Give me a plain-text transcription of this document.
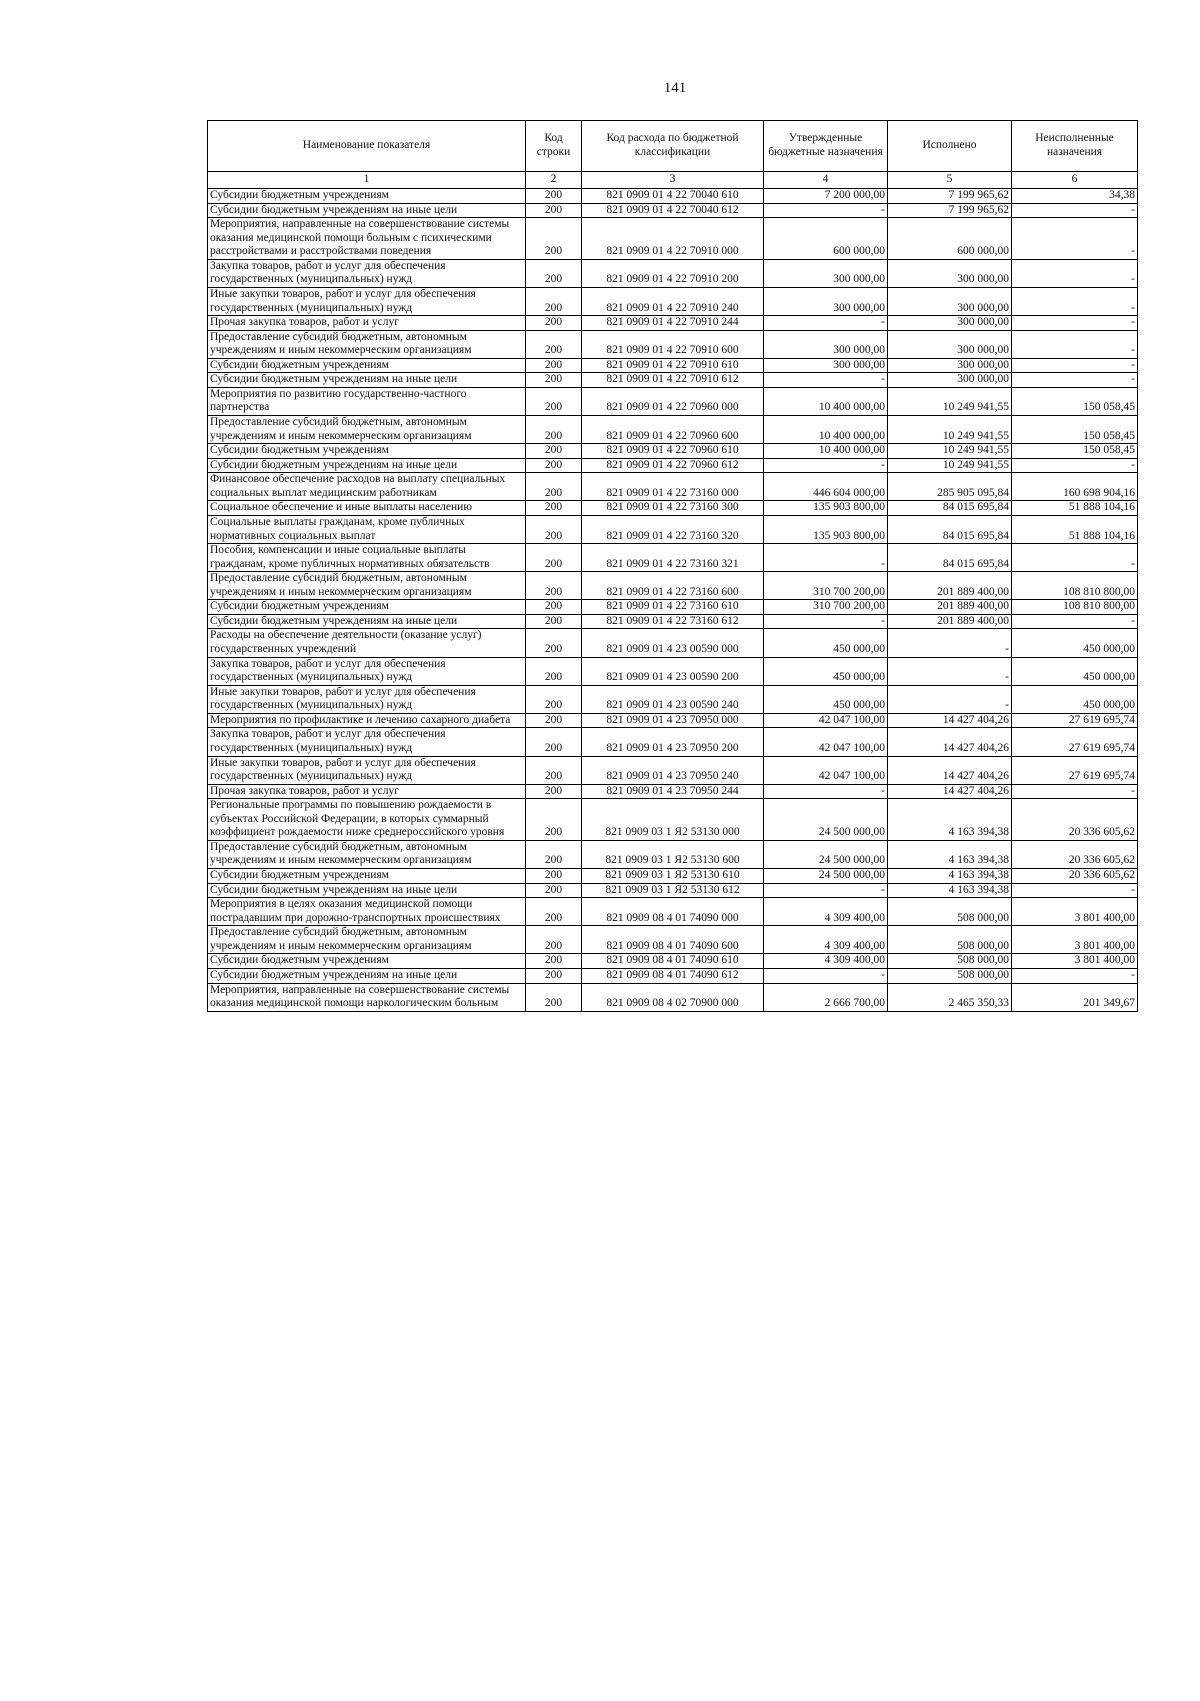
141
Наименование показателя	Код строки	Код расхода по бюджетной классификации	Утвержденные бюджетные назначения	Исполнено	Неисполненные назначения
1	2	3	4	5	6
Субсидии бюджетным учреждениям	200	821 0909 01 4 22 70040 610	7 200 000,00	7 199 965,62	34,38
Субсидии бюджетным учреждениям на иные цели	200	821 0909 01 4 22 70040 612	-	7 199 965,62	-
Мероприятия, направленные на совершенствование системы оказания медицинской помощи больным с психическими расстройствами и расстройствами поведения	200	821 0909 01 4 22 70910 000	600 000,00	600 000,00	-
Закупка товаров, работ и услуг для обеспечения государственных (муниципальных) нужд	200	821 0909 01 4 22 70910 200	300 000,00	300 000,00	-
Иные закупки товаров, работ и услуг для обеспечения государственных (муниципальных) нужд	200	821 0909 01 4 22 70910 240	300 000,00	300 000,00	-
Прочая закупка товаров, работ и услуг	200	821 0909 01 4 22 70910 244	-	300 000,00	-
Предоставление субсидий бюджетным, автономным учреждениям и иным некоммерческим организациям	200	821 0909 01 4 22 70910 600	300 000,00	300 000,00	-
Субсидии бюджетным учреждениям	200	821 0909 01 4 22 70910 610	300 000,00	300 000,00	-
Субсидии бюджетным учреждениям на иные цели	200	821 0909 01 4 22 70910 612	-	300 000,00	-
Мероприятия по развитию государственно-частного партнерства	200	821 0909 01 4 22 70960 000	10 400 000,00	10 249 941,55	150 058,45
Предоставление субсидий бюджетным, автономным учреждениям и иным некоммерческим организациям	200	821 0909 01 4 22 70960 600	10 400 000,00	10 249 941,55	150 058,45
Субсидии бюджетным учреждениям	200	821 0909 01 4 22 70960 610	10 400 000,00	10 249 941,55	150 058,45
Субсидии бюджетным учреждениям на иные цели	200	821 0909 01 4 22 70960 612	-	10 249 941,55	-
Финансовое обеспечение расходов на выплату специальных социальных выплат медицинским работникам	200	821 0909 01 4 22 73160 000	446 604 000,00	285 905 095,84	160 698 904,16
Социальное обеспечение и иные выплаты населению	200	821 0909 01 4 22 73160 300	135 903 800,00	84 015 695,84	51 888 104,16
Социальные выплаты гражданам, кроме публичных нормативных социальных выплат	200	821 0909 01 4 22 73160 320	135 903 800,00	84 015 695,84	51 888 104,16
Пособия, компенсации и иные социальные выплаты гражданам, кроме публичных нормативных обязательств	200	821 0909 01 4 22 73160 321	-	84 015 695,84	-
Предоставление субсидий бюджетным, автономным учреждениям и иным некоммерческим организациям	200	821 0909 01 4 22 73160 600	310 700 200,00	201 889 400,00	108 810 800,00
Субсидии бюджетным учреждениям	200	821 0909 01 4 22 73160 610	310 700 200,00	201 889 400,00	108 810 800,00
Субсидии бюджетным учреждениям на иные цели	200	821 0909 01 4 22 73160 612	-	201 889 400,00	-
Расходы на обеспечение деятельности (оказание услуг) государственных учреждений	200	821 0909 01 4 23 00590 000	450 000,00	-	450 000,00
Закупка товаров, работ и услуг для обеспечения государственных (муниципальных) нужд	200	821 0909 01 4 23 00590 200	450 000,00	-	450 000,00
Иные закупки товаров, работ и услуг для обеспечения государственных (муниципальных) нужд	200	821 0909 01 4 23 00590 240	450 000,00	-	450 000,00
Мероприятия по профилактике и лечению сахарного диабета	200	821 0909 01 4 23 70950 000	42 047 100,00	14 427 404,26	27 619 695,74
Закупка товаров, работ и услуг для обеспечения государственных (муниципальных) нужд	200	821 0909 01 4 23 70950 200	42 047 100,00	14 427 404,26	27 619 695,74
Иные закупки товаров, работ и услуг для обеспечения государственных (муниципальных) нужд	200	821 0909 01 4 23 70950 240	42 047 100,00	14 427 404,26	27 619 695,74
Прочая закупка товаров, работ и услуг	200	821 0909 01 4 23 70950 244	-	14 427 404,26	-
Региональные программы по повышению рождаемости в субъектах Российской Федерации, в которых суммарный коэффициент рождаемости ниже среднероссийского уровня	200	821 0909 03 1 Я2 53130 000	24 500 000,00	4 163 394,38	20 336 605,62
Предоставление субсидий бюджетным, автономным учреждениям и иным некоммерческим организациям	200	821 0909 03 1 Я2 53130 600	24 500 000,00	4 163 394,38	20 336 605,62
Субсидии бюджетным учреждениям	200	821 0909 03 1 Я2 53130 610	24 500 000,00	4 163 394,38	20 336 605,62
Субсидии бюджетным учреждениям на иные цели	200	821 0909 03 1 Я2 53130 612	-	4 163 394,38	-
Мероприятия в целях оказания медицинской помощи пострадавшим при дорожно-транспортных происшествиях	200	821 0909 08 4 01 74090 000	4 309 400,00	508 000,00	3 801 400,00
Предоставление субсидий бюджетным, автономным учреждениям и иным некоммерческим организациям	200	821 0909 08 4 01 74090 600	4 309 400,00	508 000,00	3 801 400,00
Субсидии бюджетным учреждениям	200	821 0909 08 4 01 74090 610	4 309 400,00	508 000,00	3 801 400,00
Субсидии бюджетным учреждениям на иные цели	200	821 0909 08 4 01 74090 612	-	508 000,00	-
Мероприятия, направленные на совершенствование системы оказания медицинской помощи наркологическим больным	200	821 0909 08 4 02 70900 000	2 666 700,00	2 465 350,33	201 349,67
